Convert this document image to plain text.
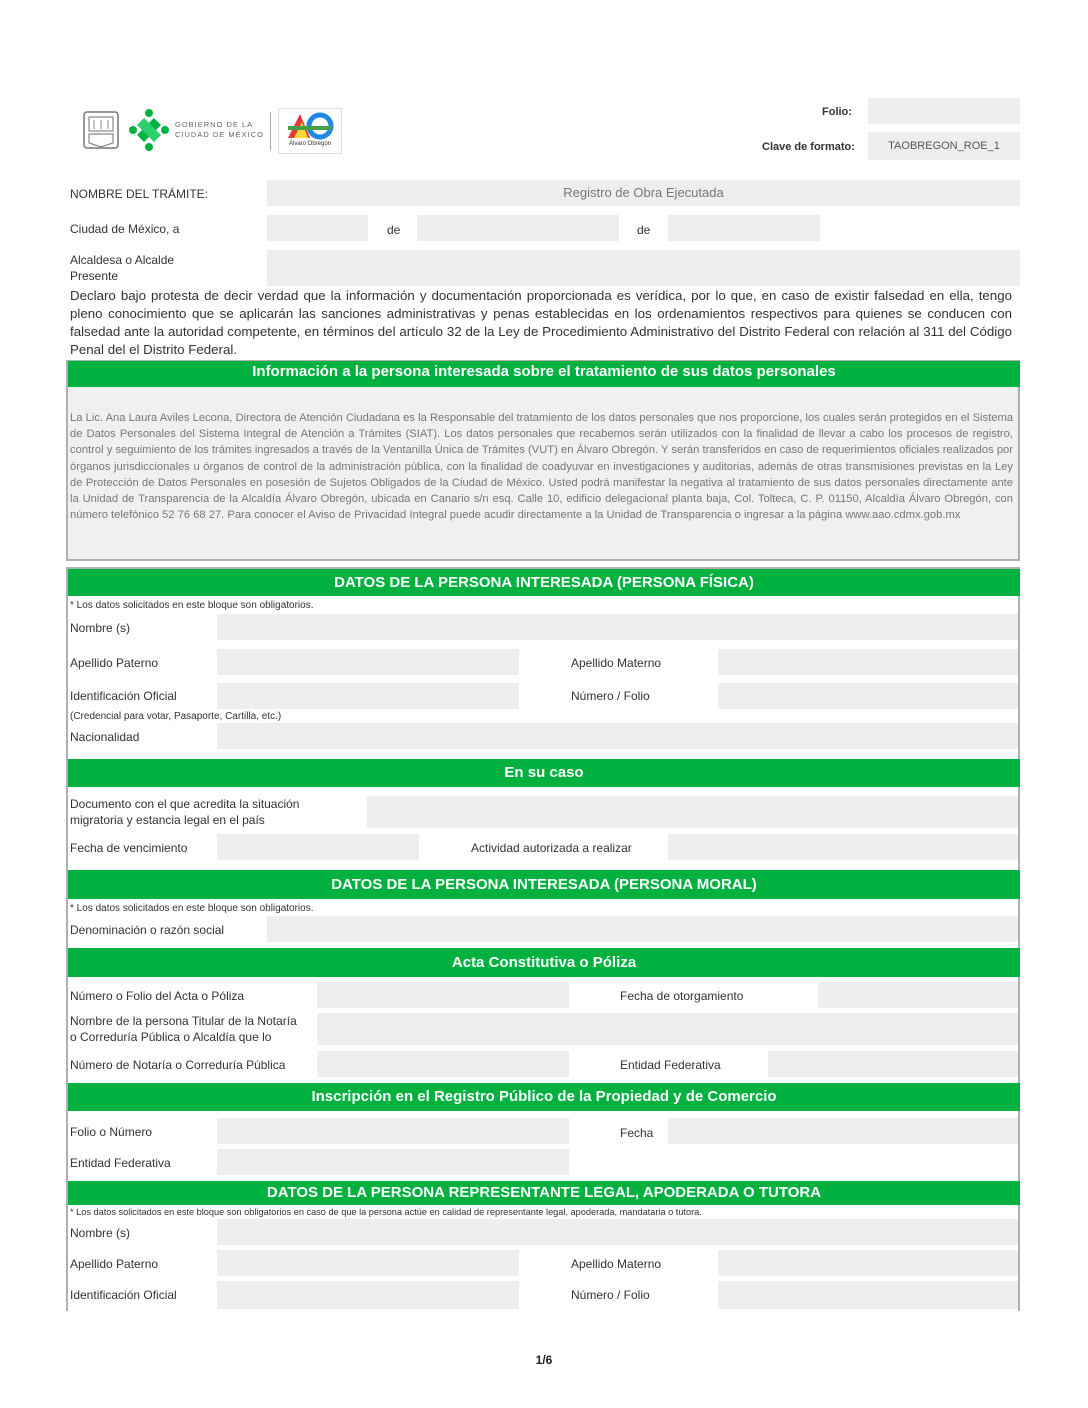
GOBIERNO DE LA
CIUDAD DE MÉXICO
Álvaro Obregón
Folio:
Clave de formato:	TAOBREGON_ROE_1
NOMBRE DEL TRÁMITE:	Registro de Obra Ejecutada
Ciudad de México, a	de	de
Alcaldesa o Alcalde
Presente
Declaro bajo protesta de decir verdad que la información y documentación proporcionada es verídica, por lo que, en caso de existir falsedad en ella, tengo pleno conocimiento que se aplicarán las sanciones administrativas y penas establecidas en los ordenamientos respectivos para quienes se conducen con falsedad ante la autoridad competente, en términos del artículo 32 de la Ley de Procedimiento Administrativo del Distrito Federal con relación al 311 del Código Penal del el Distrito Federal.
Información a la persona interesada sobre el tratamiento de sus datos personales
La Lic. Ana Laura Aviles Lecona, Directora de Atención Ciudadana es la Responsable del tratamiento de los datos personales que nos proporcione, los cuales serán protegidos en el Sistema de Datos Personales del Sistema Integral de Atención a Trámites (SIAT). Los datos personales que recabemos serán utilizados con la finalidad de llevar a cabo los procesos de registro, control y seguimiento de los trámites ingresados a través de la Ventanilla Única de Trámites (VUT) en Álvaro Obregón. Y serán transferidos en caso de requerimientos oficiales realizados por órganos jurisdiccionales u órganos de control de la administración pública, con la finalidad de coadyuvar en investigaciones y auditorias, además de otras transmisiones previstas en la Ley de Protección de Datos Personales en posesión de Sujetos Obligados de la Ciudad de México. Usted podrá manifestar la negativa al tratamiento de sus datos personales directamente ante la Unidad de Transparencia de la Alcaldía Álvaro Obregón, ubicada en Canario s/n esq. Calle 10, edificio delegacional planta baja, Col. Tolteca, C. P. 01150, Alcaldía Álvaro Obregón, con número telefónico 52 76 68 27. Para conocer el Aviso de Privacidad Integral puede acudir directamente a la Unidad de Transparencia o ingresar a la página www.aao.cdmx.gob.mx
DATOS DE LA PERSONA INTERESADA (PERSONA FÍSICA)
* Los datos solicitados en este bloque son obligatorios.
Nombre (s)
Apellido Paterno	Apellido Materno
Identificación Oficial	Número / Folio
(Credencial para votar, Pasaporte, Cartilla, etc.)
Nacionalidad
En su caso
Documento con el que acredita la situación
migratoria y estancia legal en el país
Fecha de vencimiento	Actividad autorizada a realizar
DATOS DE LA PERSONA INTERESADA (PERSONA MORAL)
* Los datos solicitados en este bloque son obligatorios.
Denominación o razón social
Acta Constitutiva o Póliza
Número o Folio del Acta o Póliza	Fecha de otorgamiento
Nombre de la persona Titular de la Notaría
o Correduría Pública o Alcaldía que lo
Número de Notaría o Correduría Pública	Entidad Federativa
Inscripción en el Registro Público de la Propiedad y de Comercio
Folio o Número	Fecha
Entidad Federativa
DATOS DE LA PERSONA REPRESENTANTE LEGAL, APODERADA O TUTORA
* Los datos solicitados en este bloque son obligatorios en caso de que la persona actúe en calidad de representante legal, apoderada, mandataria o tutora.
Nombre (s)
Apellido Paterno	Apellido Materno
Identificación Oficial	Número / Folio
1/6
